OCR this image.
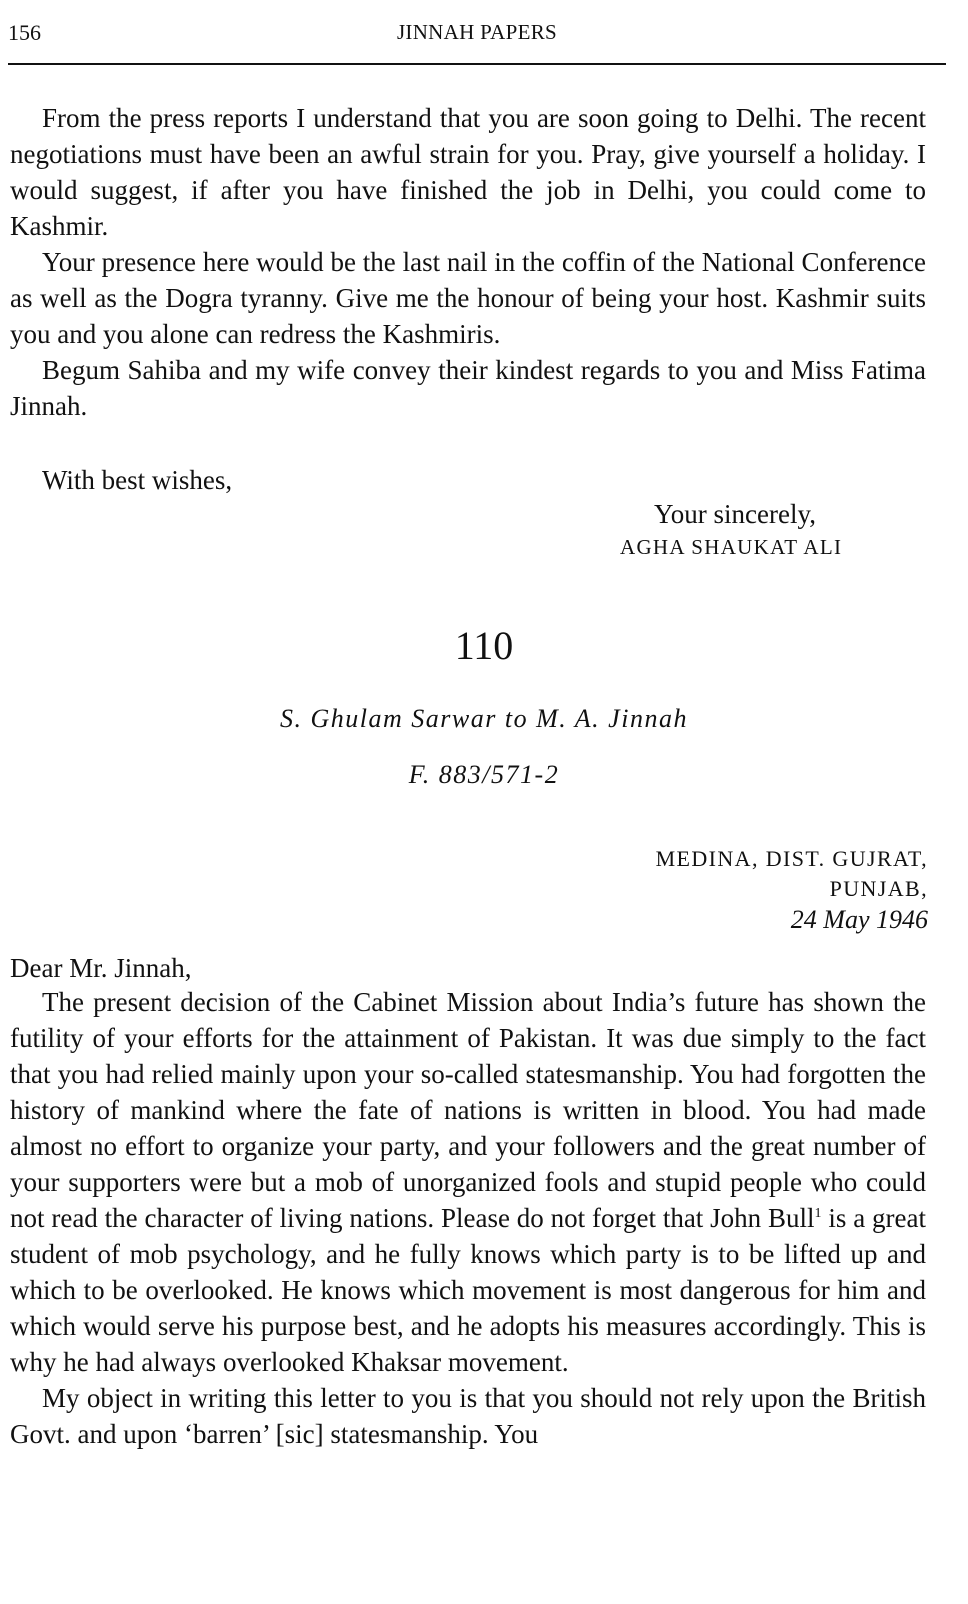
156	JINNAH PAPERS

From the press reports I understand that you are soon going to Delhi. The recent negotiations must have been an awful strain for you. Pray, give yourself a holiday. I would suggest, if after you have finished the job in Delhi, you could come to Kashmir.

Your presence here would be the last nail in the coffin of the National Conference as well as the Dogra tyranny. Give me the honour of being your host. Kashmir suits you and you alone can redress the Kashmiris.

Begum Sahiba and my wife convey their kindest regards to you and Miss Fatima Jinnah.

With best wishes,

Your sincerely,
AGHA SHAUKAT ALI
110
S. Ghulam Sarwar to M. A. Jinnah
F. 883/571-2
MEDINA, DIST. GUJRAT,
PUNJAB,
24 May 1946
Dear Mr. Jinnah,

The present decision of the Cabinet Mission about India’s future has shown the futility of your efforts for the attainment of Pakistan. It was due simply to the fact that you had relied mainly upon your so-called statesmanship. You had forgotten the history of mankind where the fate of nations is written in blood. You had made almost no effort to organize your party, and your followers and the great number of your supporters were but a mob of unorganized fools and stupid people who could not read the character of living nations. Please do not forget that John Bull$^1$ is a great student of mob psychology, and he fully knows which party is to be lifted up and which to be overlooked. He knows which movement is most dangerous for him and which would serve his purpose best, and he adopts his measures accordingly. This is why he had always overlooked Khaksar movement.

My object in writing this letter to you is that you should not rely upon the British Govt. and upon ‘barren’ [sic] statesmanship. You
